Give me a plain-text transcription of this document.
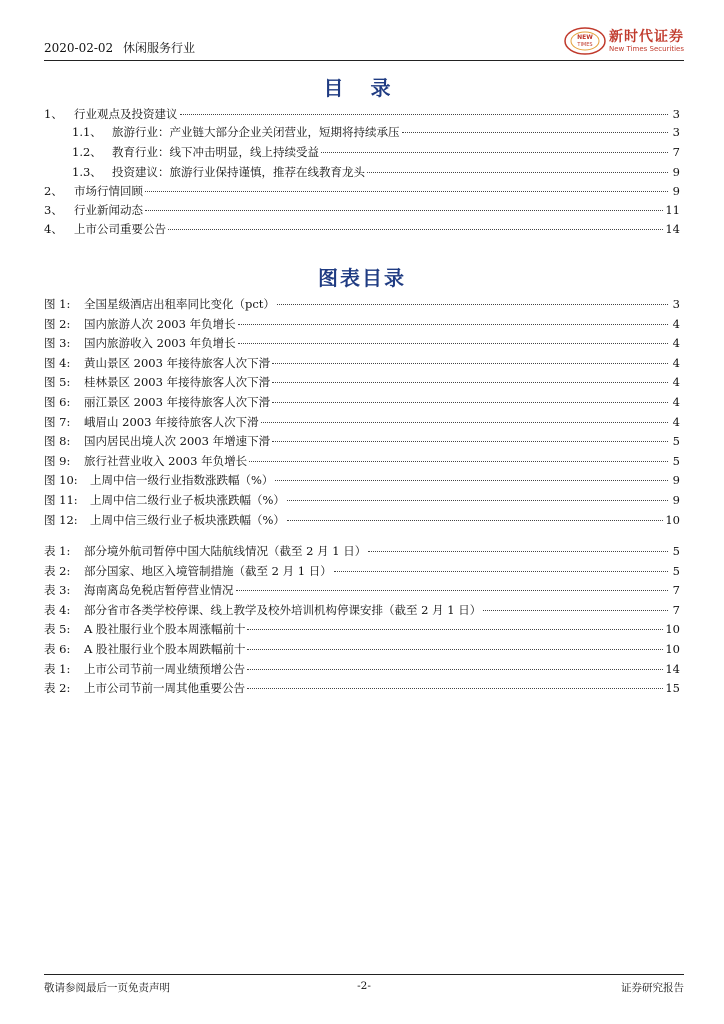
2020-02-02 休闲服务行业
NEW
TIMES
新时代证券
New Times Securities
目 录
1、 行业观点及投资建议	3
1.1、 旅游行业：产业链大部分企业关闭营业，短期将持续承压	3
1.2、 教育行业：线下冲击明显，线上持续受益	7
1.3、 投资建议：旅游行业保持谨慎，推荐在线教育龙头	9
2、 市场行情回顾	9
3、 行业新闻动态	11
4、 上市公司重要公告	14
图表目录
图 1:	全国星级酒店出租率同比变化（pct）	3
图 2:	国内旅游人次 2003 年负增长	4
图 3:	国内旅游收入 2003 年负增长	4
图 4:	黄山景区 2003 年接待旅客人次下滑	4
图 5:	桂林景区 2003 年接待旅客人次下滑	4
图 6:	丽江景区 2003 年接待旅客人次下滑	4
图 7:	峨眉山 2003 年接待旅客人次下滑	4
图 8:	国内居民出境人次 2003 年增速下滑	5
图 9:	旅行社营业收入 2003 年负增长	5
图 10:	上周中信一级行业指数涨跌幅（%）	9
图 11:	上周中信二级行业子板块涨跌幅（%）	9
图 12:	上周中信三级行业子板块涨跌幅（%）	10
表 1:	部分境外航司暂停中国大陆航线情况（截至 2 月 1 日）	5
表 2:	部分国家、地区入境管制措施（截至 2 月 1 日）	5
表 3:	海南离岛免税店暂停营业情况	7
表 4:	部分省市各类学校停课、线上教学及校外培训机构停课安排（截至 2 月 1 日）	7
表 5:	A 股社服行业个股本周涨幅前十	10
表 6:	A 股社服行业个股本周跌幅前十	10
表 1:	上市公司节前一周业绩预增公告	14
表 2:	上市公司节前一周其他重要公告	15
敬请参阅最后一页免责声明	-2-	证券研究报告
